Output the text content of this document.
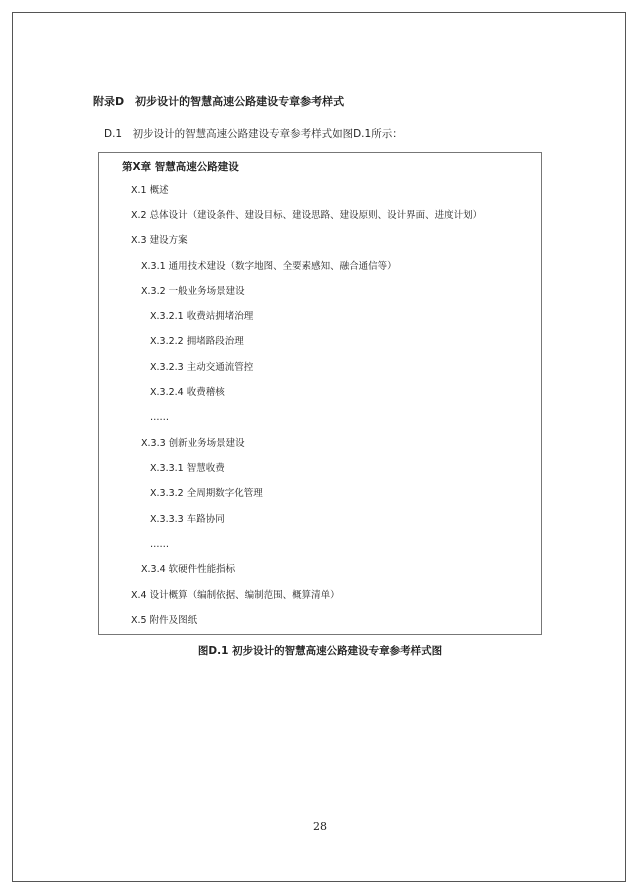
附录D　初步设计的智慧高速公路建设专章参考样式
D.1　初步设计的智慧高速公路建设专章参考样式如图D.1所示：
第X章 智慧高速公路建设
X.1 概述
X.2 总体设计（建设条件、建设目标、建设思路、建设原则、设计界面、进度计划）
X.3 建设方案
X.3.1 通用技术建设（数字地图、全要素感知、融合通信等）
X.3.2 一般业务场景建设
X.3.2.1 收费站拥堵治理
X.3.2.2 拥堵路段治理
X.3.2.3 主动交通流管控
X.3.2.4 收费稽核
……
X.3.3 创新业务场景建设
X.3.3.1 智慧收费
X.3.3.2 全周期数字化管理
X.3.3.3 车路协同
……
X.3.4 软硬件性能指标
X.4 设计概算（编制依据、编制范围、概算清单）
X.5 附件及图纸
图D.1 初步设计的智慧高速公路建设专章参考样式图
28
